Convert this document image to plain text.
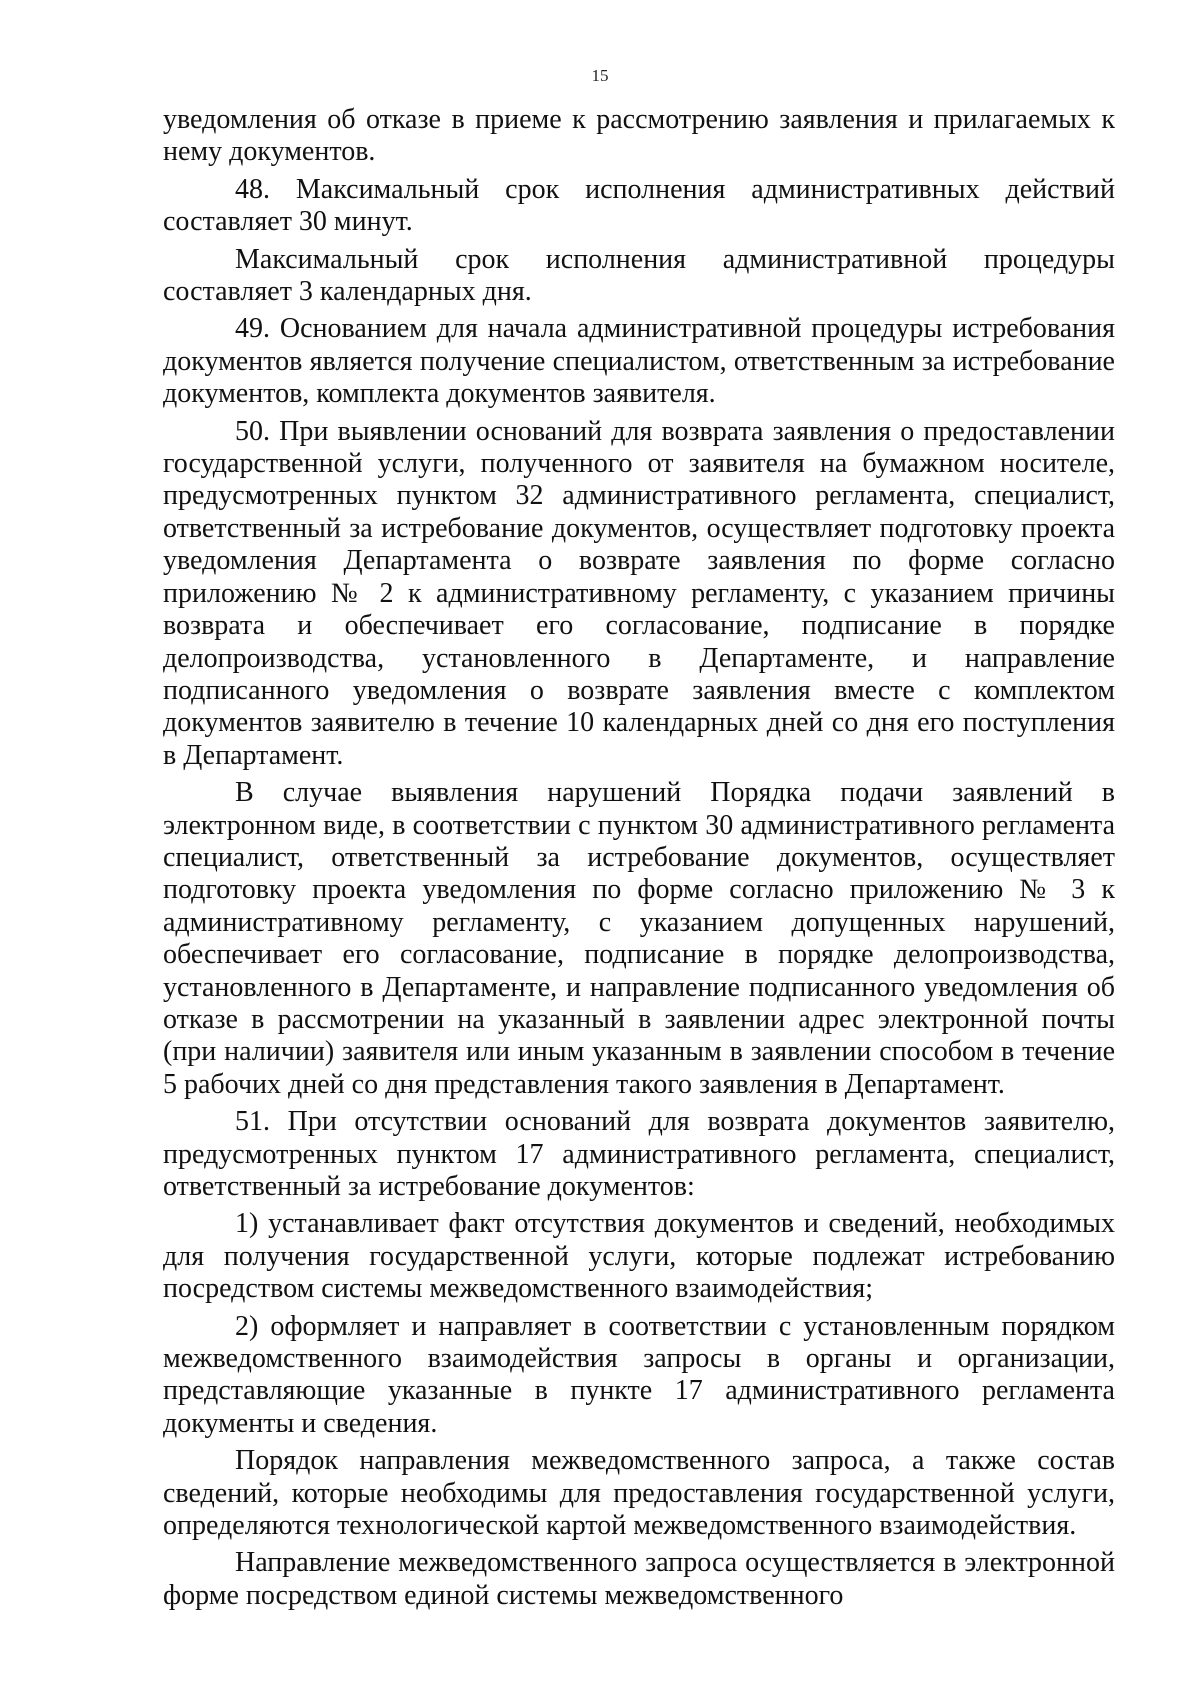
15

уведомления об отказе в приеме к рассмотрению заявления и прилагаемых к нему документов.

48. Максимальный срок исполнения административных действий составляет 30 минут.

Максимальный срок исполнения административной процедуры составляет 3 календарных дня.

49. Основанием для начала административной процедуры истребования документов является получение специалистом, ответственным за истребование документов, комплекта документов заявителя.

50. При выявлении оснований для возврата заявления о предоставлении государственной услуги, полученного от заявителя на бумажном носителе, предусмотренных пунктом 32 административного регламента, специалист, ответственный за истребование документов, осуществляет подготовку проекта уведомления Департамента о возврате заявления по форме согласно приложению № 2 к административному регламенту, с указанием причины возврата и обеспечивает его согласование, подписание в порядке делопроизводства, установленного в Департаменте, и направление подписанного уведомления о возврате заявления вместе с комплектом документов заявителю в течение 10 календарных дней со дня его поступления в Департамент.

В случае выявления нарушений Порядка подачи заявлений в электронном виде, в соответствии с пунктом 30 административного регламента специалист, ответственный за истребование документов, осуществляет подготовку проекта уведомления по форме согласно приложению № 3 к административному регламенту, с указанием допущенных нарушений, обеспечивает его согласование, подписание в порядке делопроизводства, установленного в Департаменте, и направление подписанного уведомления об отказе в рассмотрении на указанный в заявлении адрес электронной почты (при наличии) заявителя или иным указанным в заявлении способом в течение 5 рабочих дней со дня представления такого заявления в Департамент.

51. При отсутствии оснований для возврата документов заявителю, предусмотренных пунктом 17 административного регламента, специалист, ответственный за истребование документов:

1) устанавливает факт отсутствия документов и сведений, необходимых для получения государственной услуги, которые подлежат истребованию посредством системы межведомственного взаимодействия;

2) оформляет и направляет в соответствии с установленным порядком межведомственного взаимодействия запросы в органы и организации, представляющие указанные в пункте 17 административного регламента документы и сведения.

Порядок направления межведомственного запроса, а также состав сведений, которые необходимы для предоставления государственной услуги, определяются технологической картой межведомственного взаимодействия.

Направление межведомственного запроса осуществляется в электронной форме посредством единой системы межведомственного
